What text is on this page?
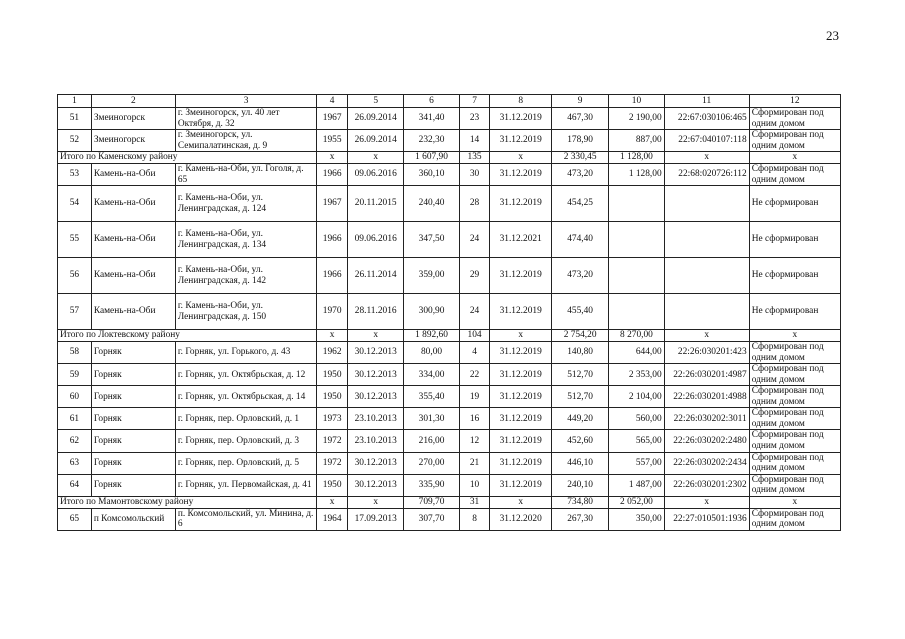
23
1	2	3	4	5	6	7	8	9	10	11	12
51	Змеиногорск	г. Змеиногорск, ул. 40 лет Октября, д. 32	1967	26.09.2014	341,40	23	31.12.2019	467,30	2 190,00	22:67:030106:465	Сформирован под одним домом
52	Змеиногорск	г. Змеиногорск, ул. Семипалатинская, д. 9	1955	26.09.2014	232,30	14	31.12.2019	178,90	887,00	22:67:040107:118	Сформирован под одним домом
Итого по Каменскому району			x	x	1 607,90	135	x	2 330,45	1 128,00	x	x
53	Камень-на-Оби	г. Камень-на-Оби, ул. Гоголя, д. 65	1966	09.06.2016	360,10	30	31.12.2019	473,20	1 128,00	22:68:020726:112	Сформирован под одним домом
54	Камень-на-Оби	г. Камень-на-Оби, ул. Ленинградская, д. 124	1967	20.11.2015	240,40	28	31.12.2019	454,25			Не сформирован
55	Камень-на-Оби	г. Камень-на-Оби, ул. Ленинградская, д. 134	1966	09.06.2016	347,50	24	31.12.2021	474,40			Не сформирован
56	Камень-на-Оби	г. Камень-на-Оби, ул. Ленинградская, д. 142	1966	26.11.2014	359,00	29	31.12.2019	473,20			Не сформирован
57	Камень-на-Оби	г. Камень-на-Оби, ул. Ленинградская, д. 150	1970	28.11.2016	300,90	24	31.12.2019	455,40			Не сформирован
Итого по Локтевскому району			x	x	1 892,60	104	x	2 754,20	8 270,00	x	x
58	Горняк	г. Горняк, ул. Горького, д. 43	1962	30.12.2013	80,00	4	31.12.2019	140,80	644,00	22:26:030201:423	Сформирован под одним домом
59	Горняк	г. Горняк, ул. Октябрьская, д. 12	1950	30.12.2013	334,00	22	31.12.2019	512,70	2 353,00	22:26:030201:4987	Сформирован под одним домом
60	Горняк	г. Горняк, ул. Октябрьская, д. 14	1950	30.12.2013	355,40	19	31.12.2019	512,70	2 104,00	22:26:030201:4988	Сформирован под одним домом
61	Горняк	г. Горняк, пер. Орловский, д. 1	1973	23.10.2013	301,30	16	31.12.2019	449,20	560,00	22:26:030202:3011	Сформирован под одним домом
62	Горняк	г. Горняк, пер. Орловский, д. 3	1972	23.10.2013	216,00	12	31.12.2019	452,60	565,00	22:26:030202:2480	Сформирован под одним домом
63	Горняк	г. Горняк, пер. Орловский, д. 5	1972	30.12.2013	270,00	21	31.12.2019	446,10	557,00	22:26:030202:2434	Сформирован под одним домом
64	Горняк	г. Горняк, ул. Первомайская, д. 41	1950	30.12.2013	335,90	10	31.12.2019	240,10	1 487,00	22:26:030201:2302	Сформирован под одним домом
Итого по Мамонтовскому району			x	x	709,70	31	x	734,80	2 052,00	x	x
65	п Комсомольский	п. Комсомольский, ул. Минина, д. 6	1964	17.09.2013	307,70	8	31.12.2020	267,30	350,00	22:27:010501:1936	Сформирован под одним домом
